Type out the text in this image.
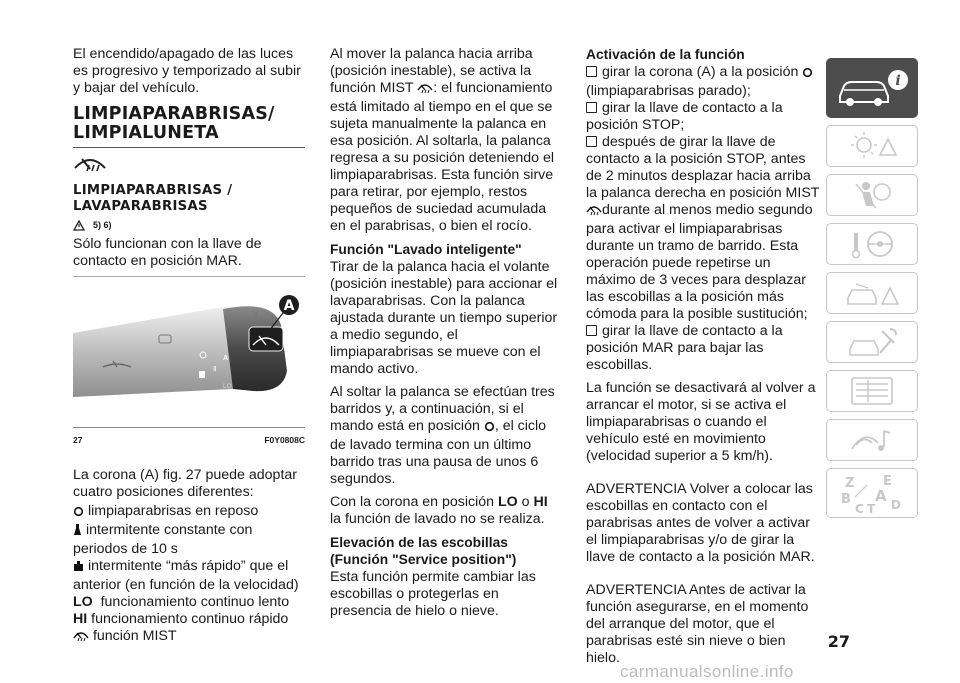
El encendido/apagado de las luces es progresivo y temporizado al subir y bajar del vehículo.

LIMPIAPARABRISAS/ LIMPIALUNETA
LIMPIAPARABRISAS / LAVAPARABRISAS
5) 6)

Sólo funcionan con la llave de contacto en posición MAR.

Ⅱ
A
LO
A
27	F0Y0808C

La corona (A) fig. 27 puede adoptar cuatro posiciones diferentes:

limpiaparabrisas en reposo
intermitente constante con periodos de 10 s
intermitente “más rápido” que el anterior (en función de la velocidad)
LO funcionamiento continuo lento
HI funcionamiento continuo rápido
función MIST

Al mover la palanca hacia arriba (posición inestable), se activa la función MIST : el funcionamiento está limitado al tiempo en el que se sujeta manualmente la palanca en esa posición. Al soltarla, la palanca regresa a su posición deteniendo el limpiaparabrisas. Esta función sirve para retirar, por ejemplo, restos pequeños de suciedad acumulada en el parabrisas, o bien el rocío.

Función "Lavado inteligente"

Tirar de la palanca hacia el volante (posición inestable) para accionar el lavaparabrisas. Con la palanca ajustada durante un tiempo superior a medio segundo, el limpiaparabrisas se mueve con el mando activo.

Al soltar la palanca se efectúan tres barridos y, a continuación, si el mando está en posición , el ciclo de lavado termina con un último barrido tras una pausa de unos 6 segundos.

Con la corona en posición LO o HI la función de lavado no se realiza.

Elevación de las escobillas (Función "Service position")

Esta función permite cambiar las escobillas o protegerlas en presencia de hielo o nieve.

Activación de la función
girar la corona (A) a la posición  (limpiaparabrisas parado);
girar la llave de contacto a la posición STOP;
después de girar la llave de contacto a la posición STOP, antes de 2 minutos desplazar hacia arriba la palanca derecha en posición MISTdurante al menos medio segundo para activar el limpiaparabrisas durante un tramo de barrido. Esta operación puede repetirse un máximo de 3 veces para desplazar las escobillas a la posición más cómoda para la posible sustitución;
girar la llave de contacto a la posición MAR para bajar las escobillas.

La función se desactivará al volver a arrancar el motor, si se activa el limpiaparabrisas o cuando el vehículo esté en movimiento (velocidad superior a 5 km/h).

ADVERTENCIA Volver a colocar las escobillas en contacto con el parabrisas antes de volver a activar el limpiaparabrisas y/o de girar la llave de contacto a la posición MAR.

ADVERTENCIA Antes de activar la función asegurarse, en el momento del arranque del motor, que el parabrisas esté sin nieve o bien hielo.

i
Z E
B A
C T D
27
carmanualsonline.info
